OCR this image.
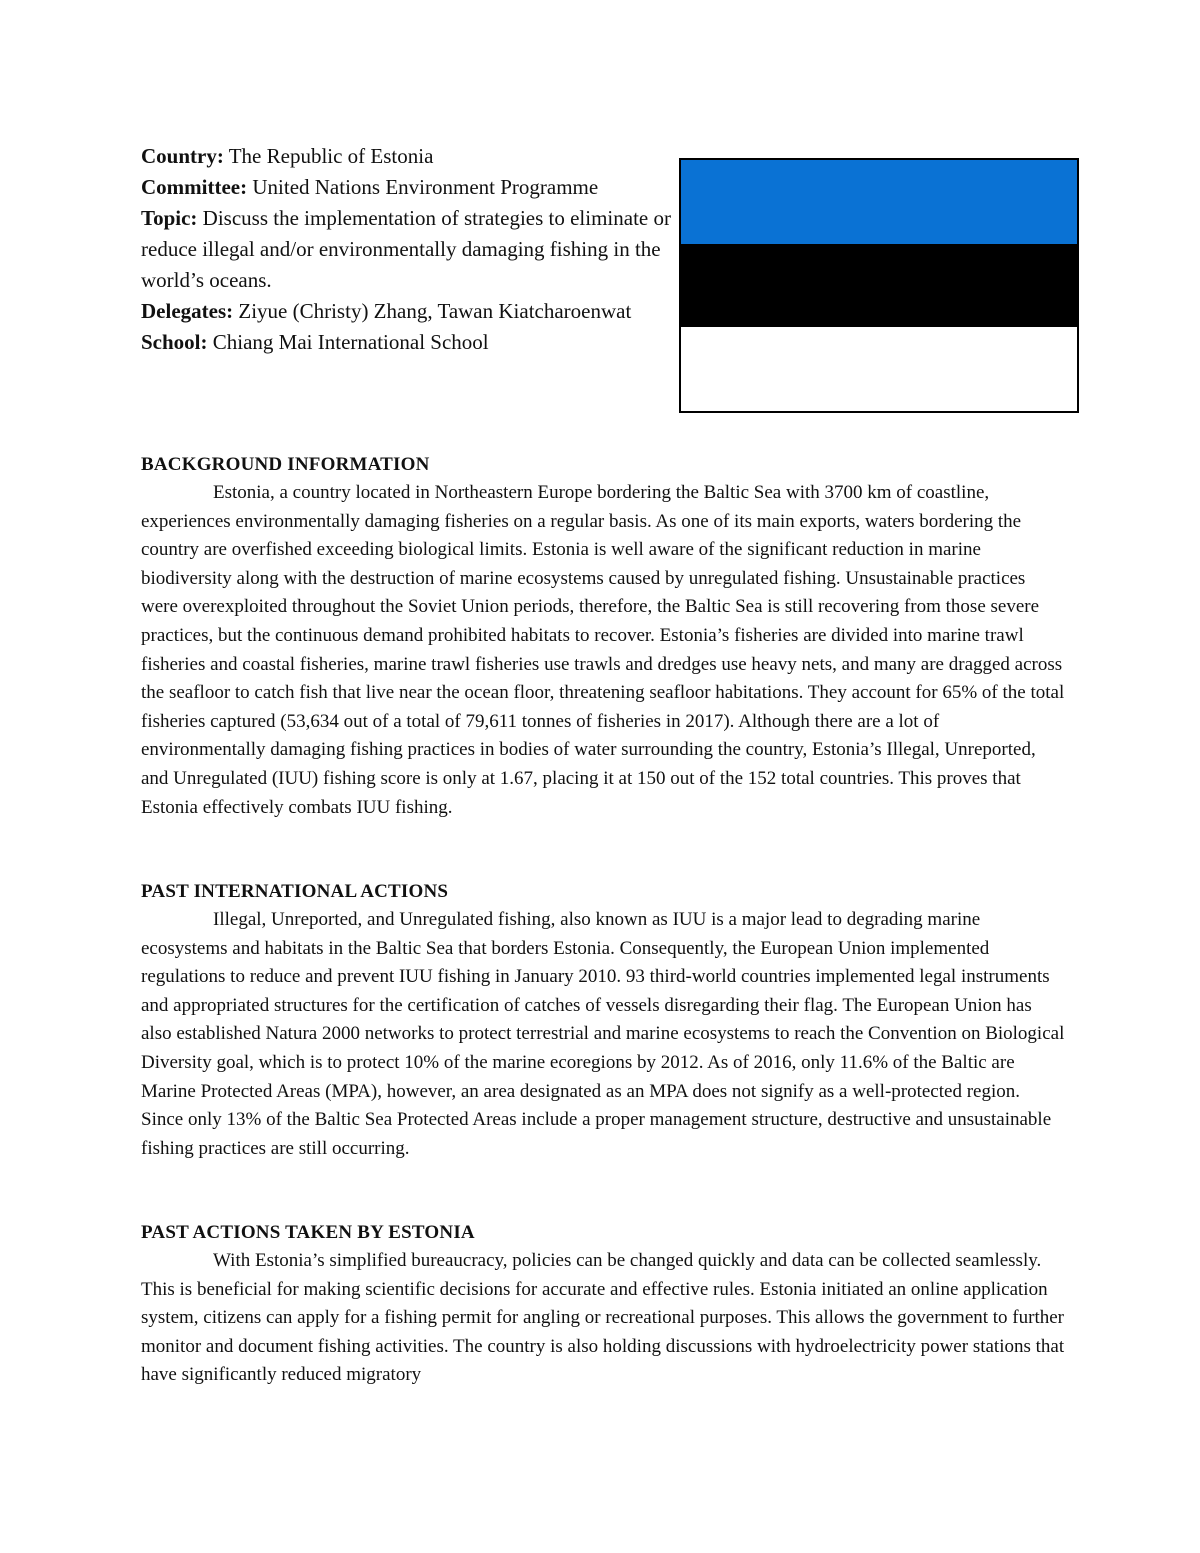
Country: The Republic of Estonia

Committee: United Nations Environment Programme

Topic: Discuss the implementation of strategies to eliminate or reduce illegal and/or environmentally damaging fishing in the world’s oceans.

Delegates: Ziyue (Christy) Zhang, Tawan Kiatcharoenwat

School: Chiang Mai International School

BACKGROUND INFORMATION

Estonia, a country located in Northeastern Europe bordering the Baltic Sea with 3700 km of coastline, experiences environmentally damaging fisheries on a regular basis. As one of its main exports, waters bordering the country are overfished exceeding biological limits. Estonia is well aware of the significant reduction in marine biodiversity along with the destruction of marine ecosystems caused by unregulated fishing. Unsustainable practices were overexploited throughout the Soviet Union periods, therefore, the Baltic Sea is still recovering from those severe practices, but the continuous demand prohibited habitats to recover. Estonia’s fisheries are divided into marine trawl fisheries and coastal fisheries, marine trawl fisheries use trawls and dredges use heavy nets, and many are dragged across the seafloor to catch fish that live near the ocean floor, threatening seafloor habitations. They account for 65% of the total fisheries captured (53,634 out of a total of 79,611 tonnes of fisheries in 2017). Although there are a lot of environmentally damaging fishing practices in bodies of water surrounding the country, Estonia’s Illegal, Unreported, and Unregulated (IUU) fishing score is only at 1.67, placing it at 150 out of the 152 total countries. This proves that Estonia effectively combats IUU fishing.

PAST INTERNATIONAL ACTIONS

Illegal, Unreported, and Unregulated fishing, also known as IUU is a major lead to degrading marine ecosystems and habitats in the Baltic Sea that borders Estonia. Consequently, the European Union implemented regulations to reduce and prevent IUU fishing in January 2010. 93 third-world countries implemented legal instruments and appropriated structures for the certification of catches of vessels disregarding their flag. The European Union has also established Natura 2000 networks to protect terrestrial and marine ecosystems to reach the Convention on Biological Diversity goal, which is to protect 10% of the marine ecoregions by 2012. As of 2016, only 11.6% of the Baltic are Marine Protected Areas (MPA), however, an area designated as an MPA does not signify as a well-protected region. Since only 13% of the Baltic Sea Protected Areas include a proper management structure, destructive and unsustainable fishing practices are still occurring.

PAST ACTIONS TAKEN BY ESTONIA

With Estonia’s simplified bureaucracy, policies can be changed quickly and data can be collected seamlessly. This is beneficial for making scientific decisions for accurate and effective rules. Estonia initiated an online application system, citizens can apply for a fishing permit for angling or recreational purposes. This allows the government to further monitor and document fishing activities. The country is also holding discussions with hydroelectricity power stations that have significantly reduced migratory
